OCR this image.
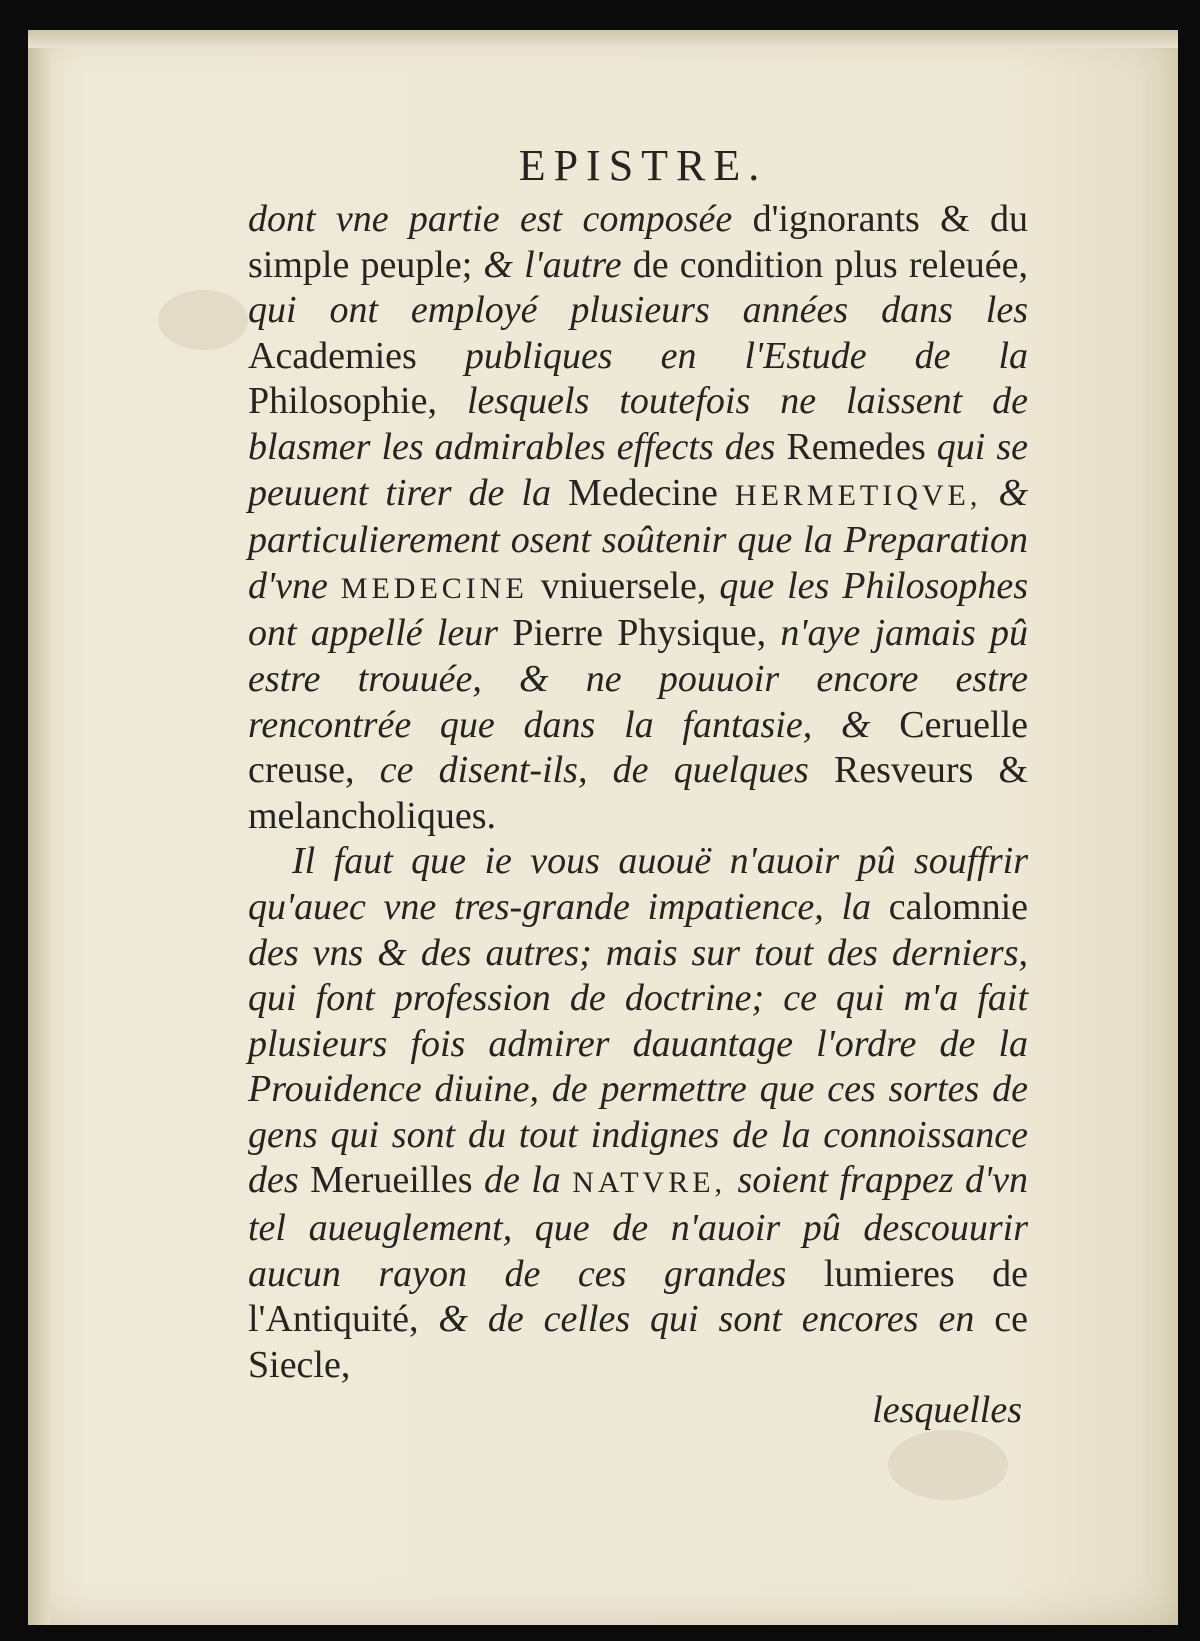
EPISTRE.

dont vne partie est composée d'ignorants & du simple peuple; & l'autre de condition plus releuée, qui ont employé plusieurs années dans les Academies publiques en l'Estude de la Philosophie, lesquels toutefois ne laissent de blasmer les admirables effects des Remedes qui se peuuent tirer de la Medecine HERMETIQVE, & particulierement osent soûtenir que la Preparation d'vne MEDECINE vniuersele, que les Philosophes ont appellé leur Pierre Physique, n'aye jamais pû estre trouuée, & ne pouuoir encore estre rencontrée que dans la fantasie, & Ceruelle creuse, ce disent-ils, de quelques Resveurs & melancholiques.

Il faut que ie vous auouë n'auoir pû souffrir qu'auec vne tres-grande impatience, la calomnie des vns & des autres; mais sur tout des derniers, qui font profession de doctrine; ce qui m'a fait plusieurs fois admirer dauantage l'ordre de la Prouidence diuine, de permettre que ces sortes de gens qui sont du tout indignes de la connoissance des Merueilles de la NATVRE, soient frappez d'vn tel aueuglement, que de n'auoir pû descouurir aucun rayon de ces grandes lumieres de l'Antiquité, & de celles qui sont encores en ce Siecle,

lesquelles
